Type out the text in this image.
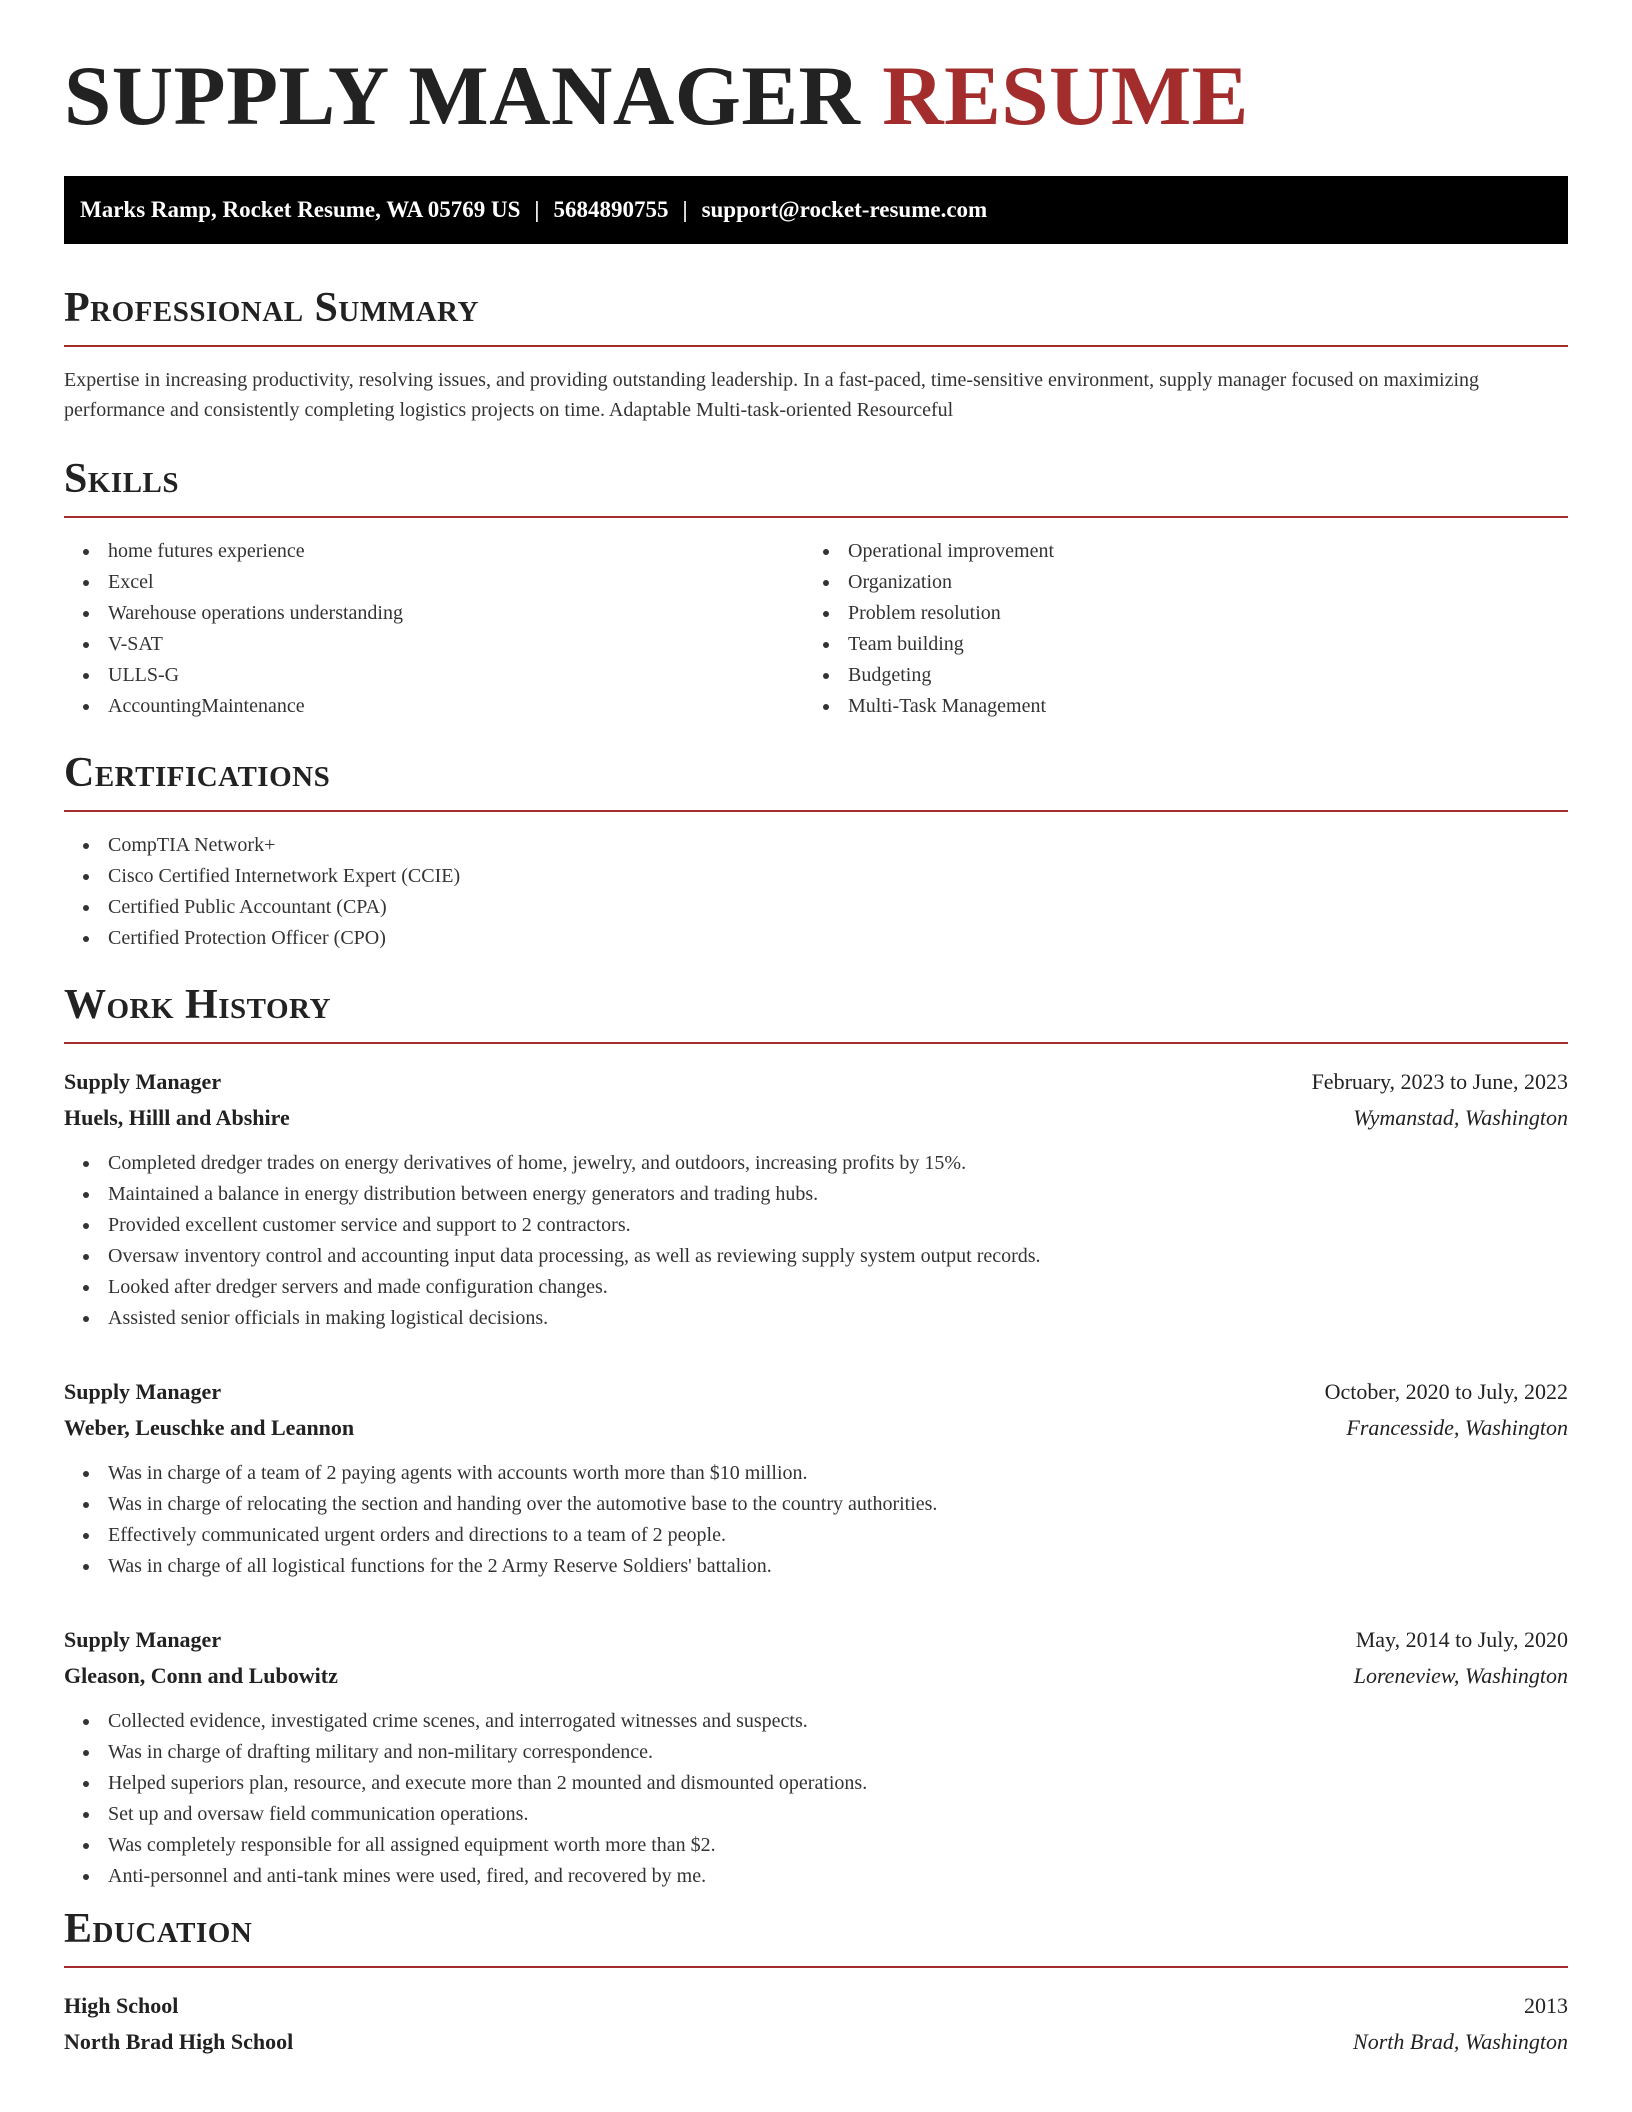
SUPPLY MANAGER RESUME
Marks Ramp, Rocket Resume, WA 05769 US | 5684890755 | support@rocket-resume.com
Professional Summary

Expertise in increasing productivity, resolving issues, and providing outstanding leadership. In a fast-paced, time-sensitive environment, supply manager focused on maximizing performance and consistently completing logistics projects on time. Adaptable Multi-task-oriented Resourceful

Skills
home futures experience
Excel
Warehouse operations understanding
V-SAT
ULLS-G
AccountingMaintenance
Operational improvement
Organization
Problem resolution
Team building
Budgeting
Multi-Task Management
Certifications
CompTIA Network+
Cisco Certified Internetwork Expert (CCIE)
Certified Public Accountant (CPA)
Certified Protection Officer (CPO)
Work History
Supply Manager	February, 2023 to June, 2023
Huels, Hilll and Abshire	Wymanstad, Washington
Completed dredger trades on energy derivatives of home, jewelry, and outdoors, increasing profits by 15%.
Maintained a balance in energy distribution between energy generators and trading hubs.
Provided excellent customer service and support to 2 contractors.
Oversaw inventory control and accounting input data processing, as well as reviewing supply system output records.
Looked after dredger servers and made configuration changes.
Assisted senior officials in making logistical decisions.
Supply Manager	October, 2020 to July, 2022
Weber, Leuschke and Leannon	Francesside, Washington
Was in charge of a team of 2 paying agents with accounts worth more than $10 million.
Was in charge of relocating the section and handing over the automotive base to the country authorities.
Effectively communicated urgent orders and directions to a team of 2 people.
Was in charge of all logistical functions for the 2 Army Reserve Soldiers' battalion.
Supply Manager	May, 2014 to July, 2020
Gleason, Conn and Lubowitz	Loreneview, Washington
Collected evidence, investigated crime scenes, and interrogated witnesses and suspects.
Was in charge of drafting military and non-military correspondence.
Helped superiors plan, resource, and execute more than 2 mounted and dismounted operations.
Set up and oversaw field communication operations.
Was completely responsible for all assigned equipment worth more than $2.
Anti-personnel and anti-tank mines were used, fired, and recovered by me.
Education
High School	2013
North Brad High School	North Brad, Washington
